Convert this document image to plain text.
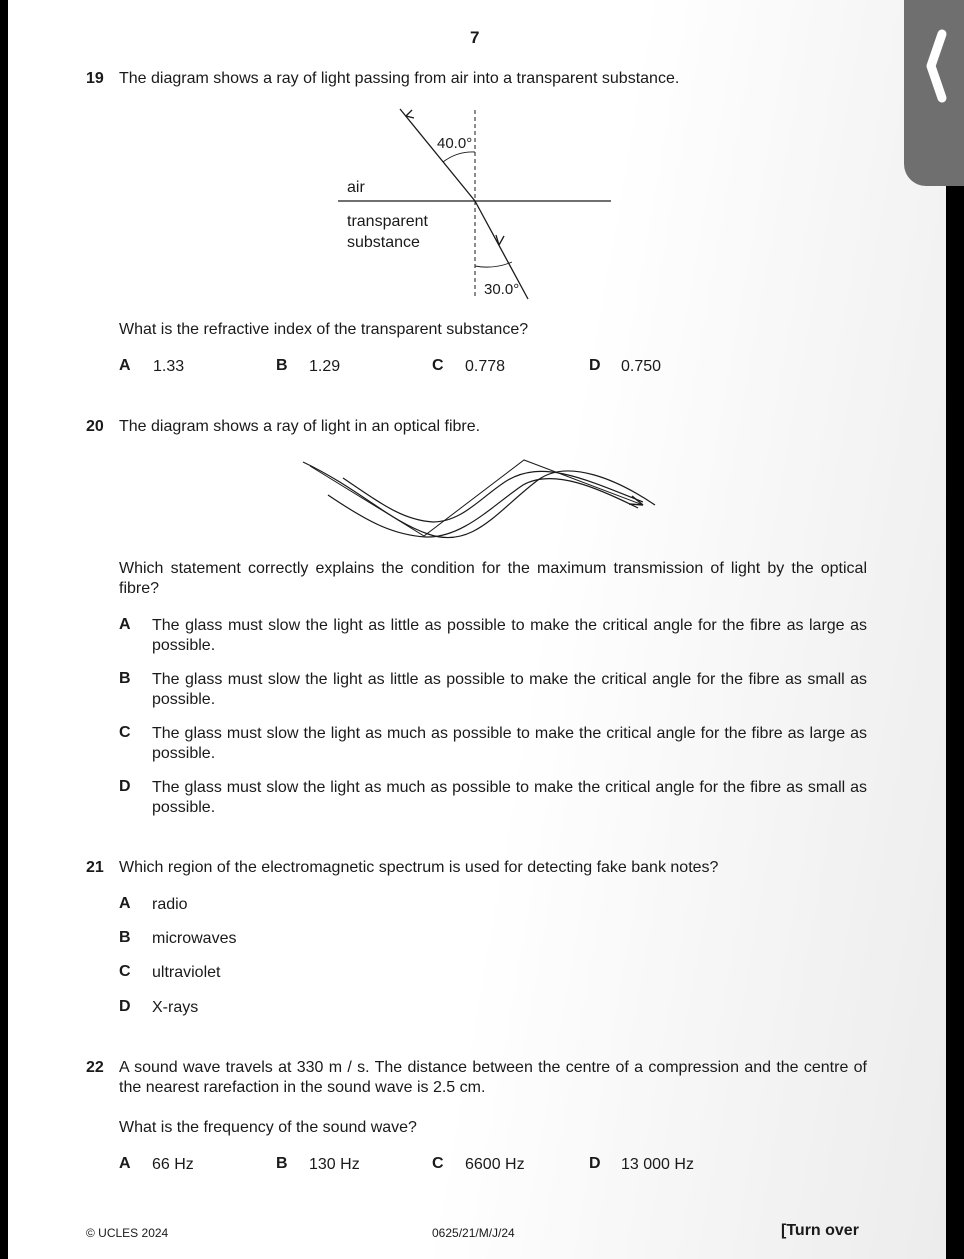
7
19 The diagram shows a ray of light passing from air into a transparent substance.
40.0°
30.0°
air
transparent
substance
What is the refractive index of the transparent substance?
A 1.33	B 1.29	C 0.778	D 0.750
20 The diagram shows a ray of light in an optical fibre.
Which statement correctly explains the condition for the maximum transmission of light by the optical fibre?
A The glass must slow the light as little as possible to make the critical angle for the fibre as large as possible.
B The glass must slow the light as little as possible to make the critical angle for the fibre as small as possible.
C The glass must slow the light as much as possible to make the critical angle for the fibre as large as possible.
D The glass must slow the light as much as possible to make the critical angle for the fibre as small as possible.
21 Which region of the electromagnetic spectrum is used for detecting fake bank notes?
A radio
B microwaves
C ultraviolet
D X-rays
22 A sound wave travels at 330 m / s. The distance between the centre of a compression and the centre of the nearest rarefaction in the sound wave is 2.5 cm.
What is the frequency of the sound wave?
A 66 Hz	B 130 Hz	C 6600 Hz	D 13 000 Hz
© UCLES 2024	0625/21/M/J/24	[Turn over
